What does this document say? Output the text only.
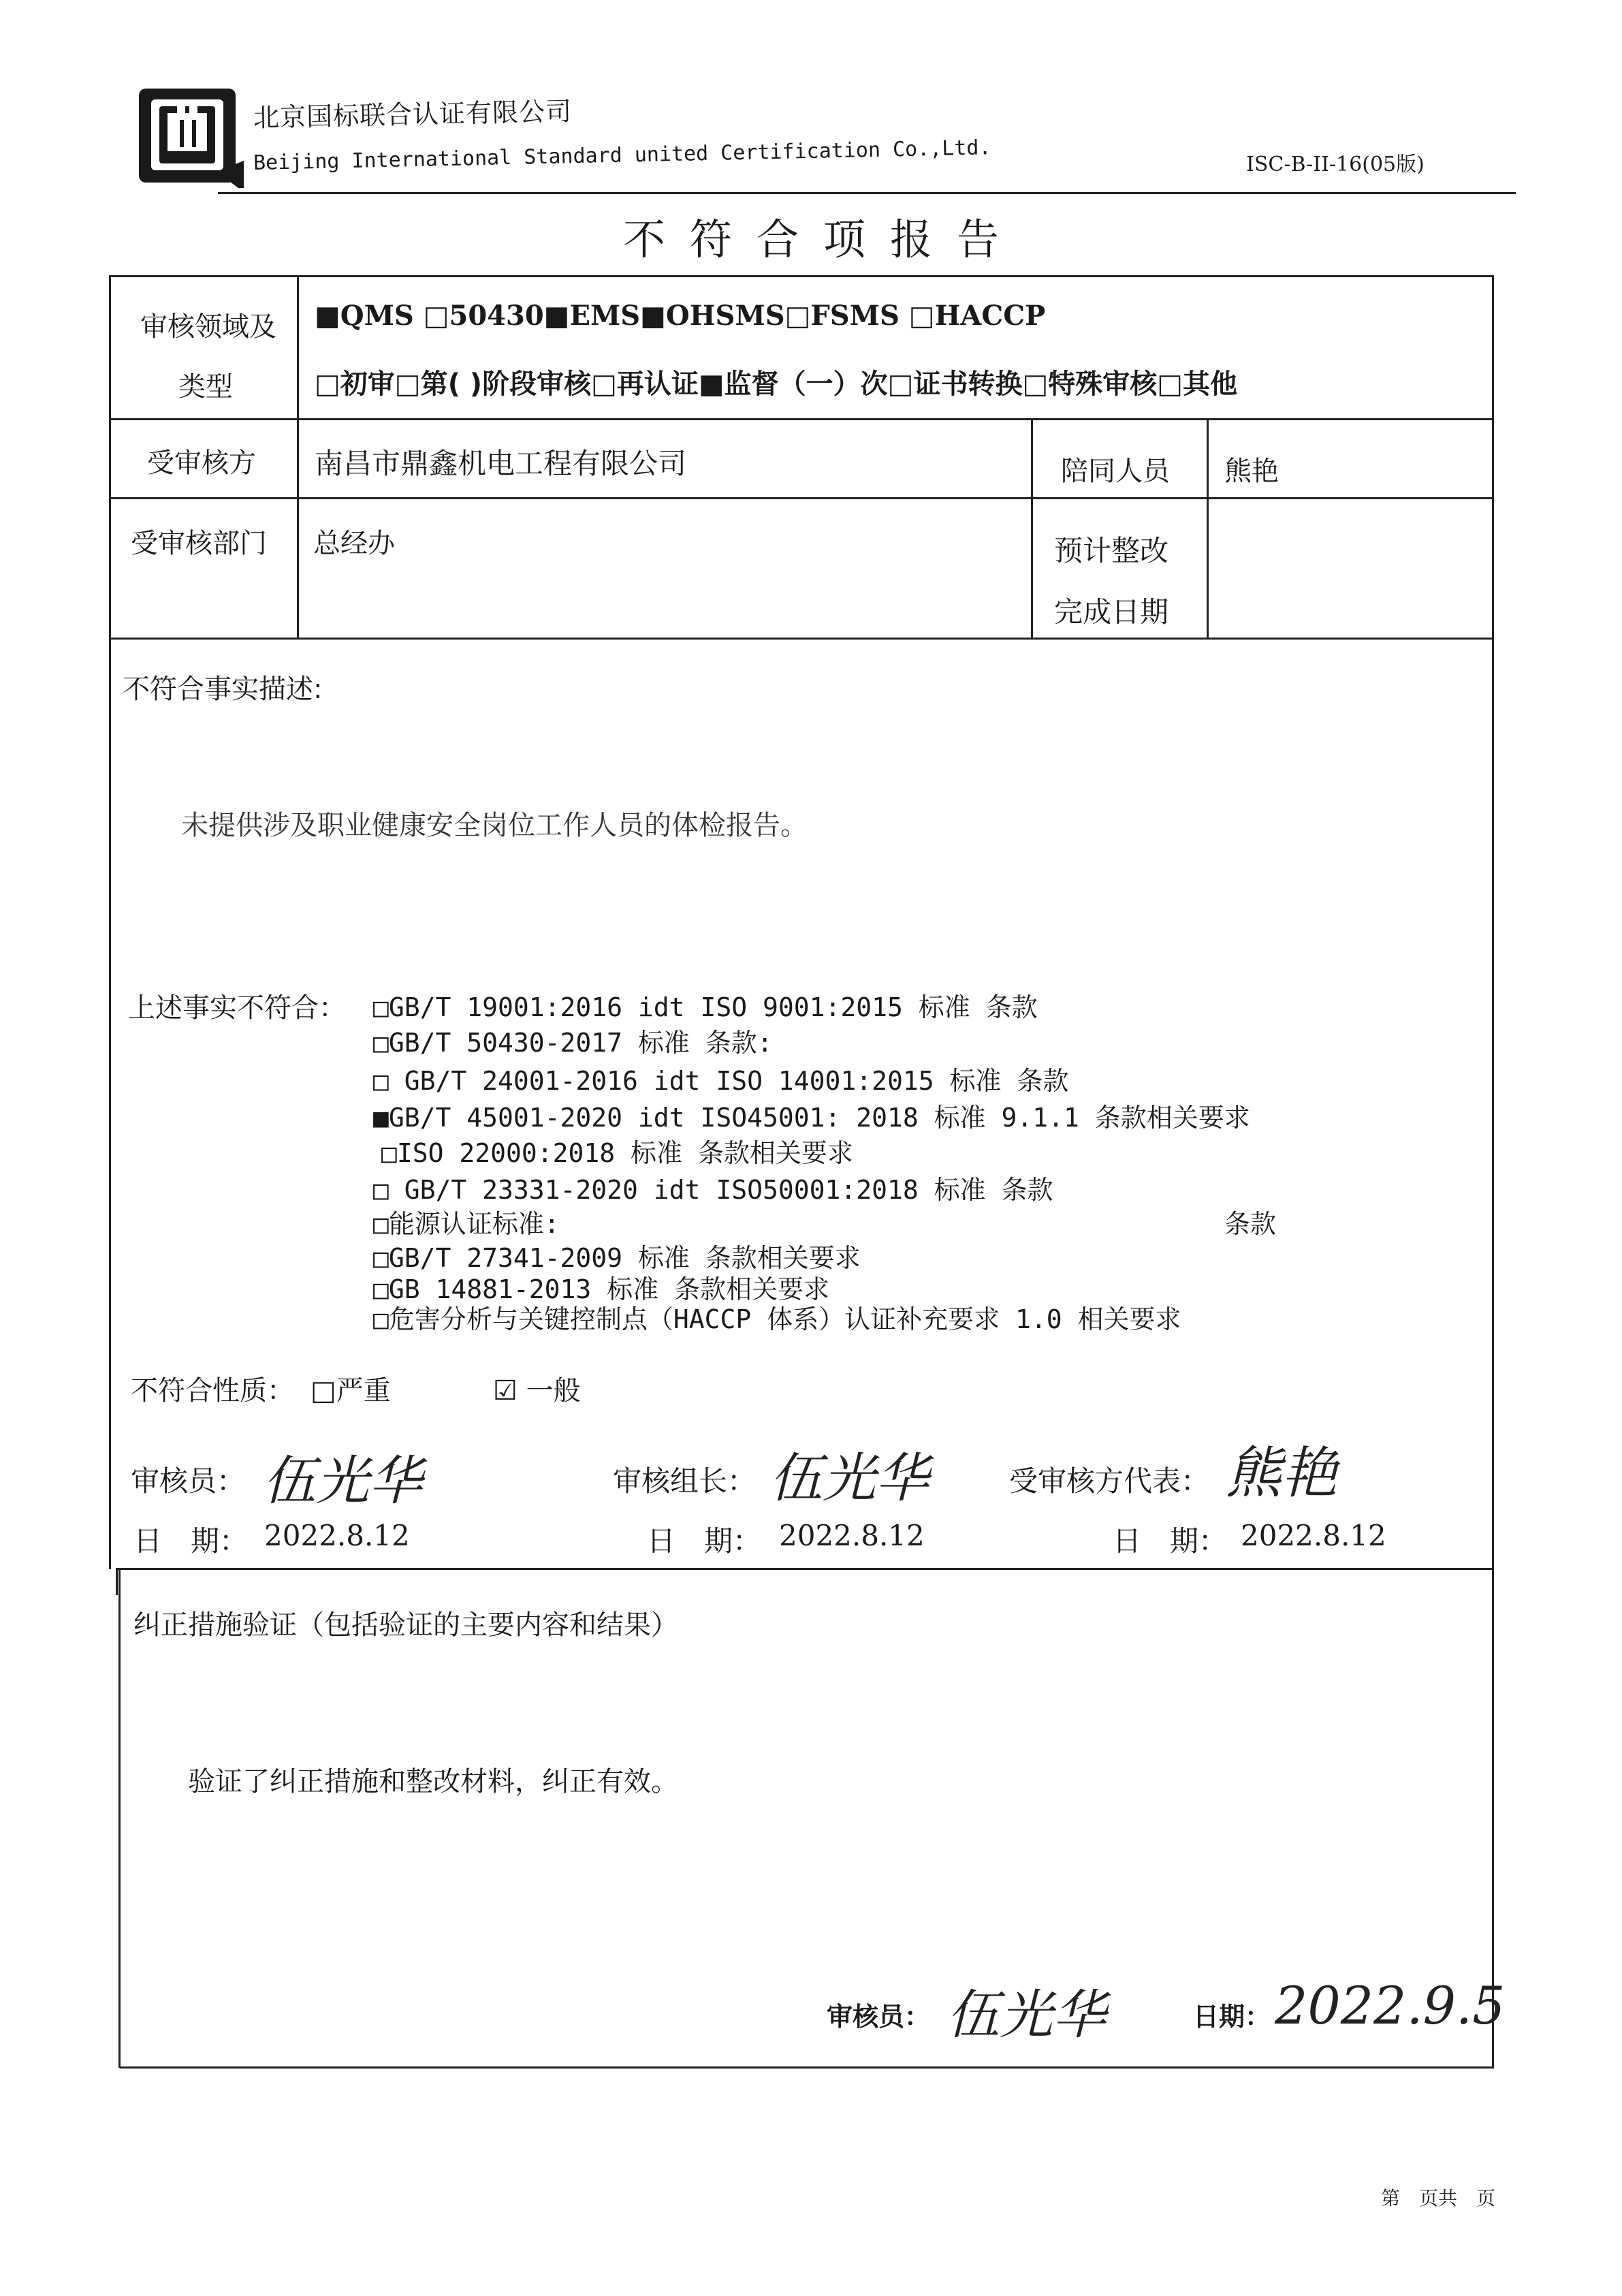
北京国标联合认证有限公司
Beijing International Standard united Certification Co.,Ltd.	ISC-B-II-16(05版)
不符合项报告
审核领域及
类型
■QMS □50430■EMS■OHSMS□FSMS □HACCP
□初审□第( )阶段审核□再认证■监督（一）次□证书转换□特殊审核□其他
受审核方 南昌市鼎鑫机电工程有限公司	陪同人员 熊艳
受审核部门 总经办	预计整改
完成日期
不符合事实描述:
未提供涉及职业健康安全岗位工作人员的体检报告。
上述事实不符合： □GB/T 19001:2016 idt ISO 9001:2015 标准 条款
□GB/T 50430-2017 标准 条款:
□ GB/T 24001-2016 idt ISO 14001:2015 标准 条款
■GB/T 45001-2020 idt ISO45001: 2018 标准 9.1.1 条款相关要求
□ISO 22000:2018 标准 条款相关要求
□ GB/T 23331-2020 idt ISO50001:2018 标准 条款
□能源认证标准:	条款
□GB/T 27341-2009 标准 条款相关要求
□GB 14881-2013 标准 条款相关要求
□危害分析与关键控制点（HACCP 体系）认证补充要求 1.0 相关要求
不符合性质： □严重	☑ 一般
审核员： 伍光华	审核组长： 伍光华	受审核方代表： 熊艳
日　期： 2022.8.12	日　期： 2022.8.12	日　期： 2022.8.12
纠正措施验证（包括验证的主要内容和结果）
验证了纠正措施和整改材料，纠正有效。
审核员： 伍光华	日期： 2022.9.5
第　页共　页
